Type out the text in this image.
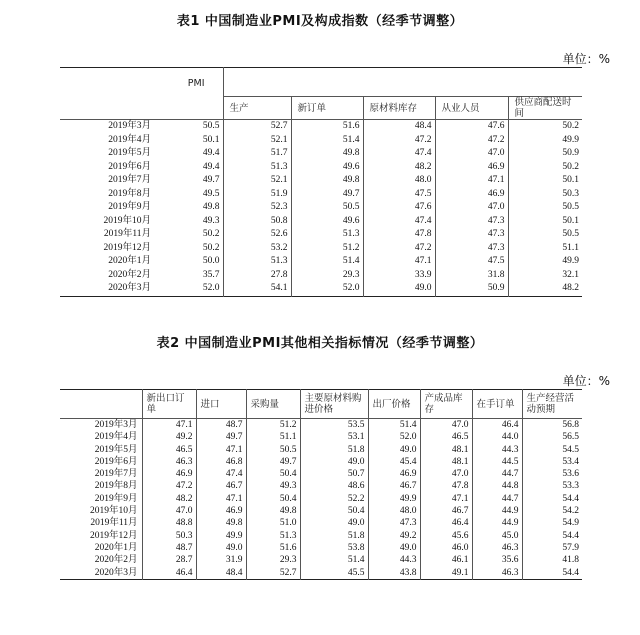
表1 中国制造业PMI及构成指数（经季节调整）
单位：%
	PMI					
		生产	新订单	原材料库存	从业人员	供应商配送时间
2019年3月	50.5	52.7	51.6	48.4	47.6	50.2
2019年4月	50.1	52.1	51.4	47.2	47.2	49.9
2019年5月	49.4	51.7	49.8	47.4	47.0	50.9
2019年6月	49.4	51.3	49.6	48.2	46.9	50.2
2019年7月	49.7	52.1	49.8	48.0	47.1	50.1
2019年8月	49.5	51.9	49.7	47.5	46.9	50.3
2019年9月	49.8	52.3	50.5	47.6	47.0	50.5
2019年10月	49.3	50.8	49.6	47.4	47.3	50.1
2019年11月	50.2	52.6	51.3	47.8	47.3	50.5
2019年12月	50.2	53.2	51.2	47.2	47.3	51.1
2020年1月	50.0	51.3	51.4	47.1	47.5	49.9
2020年2月	35.7	27.8	29.3	33.9	31.8	32.1
2020年3月	52.0	54.1	52.0	49.0	50.9	48.2
表2 中国制造业PMI其他相关指标情况（经季节调整）
单位：%
	新出口订单	进口	采购量	主要原材料购进价格	出厂价格	产成品库存	在手订单	生产经营活动预期
2019年3月	47.1	48.7	51.2	53.5	51.4	47.0	46.4	56.8
2019年4月	49.2	49.7	51.1	53.1	52.0	46.5	44.0	56.5
2019年5月	46.5	47.1	50.5	51.8	49.0	48.1	44.3	54.5
2019年6月	46.3	46.8	49.7	49.0	45.4	48.1	44.5	53.4
2019年7月	46.9	47.4	50.4	50.7	46.9	47.0	44.7	53.6
2019年8月	47.2	46.7	49.3	48.6	46.7	47.8	44.8	53.3
2019年9月	48.2	47.1	50.4	52.2	49.9	47.1	44.7	54.4
2019年10月	47.0	46.9	49.8	50.4	48.0	46.7	44.9	54.2
2019年11月	48.8	49.8	51.0	49.0	47.3	46.4	44.9	54.9
2019年12月	50.3	49.9	51.3	51.8	49.2	45.6	45.0	54.4
2020年1月	48.7	49.0	51.6	53.8	49.0	46.0	46.3	57.9
2020年2月	28.7	31.9	29.3	51.4	44.3	46.1	35.6	41.8
2020年3月	46.4	48.4	52.7	45.5	43.8	49.1	46.3	54.4
